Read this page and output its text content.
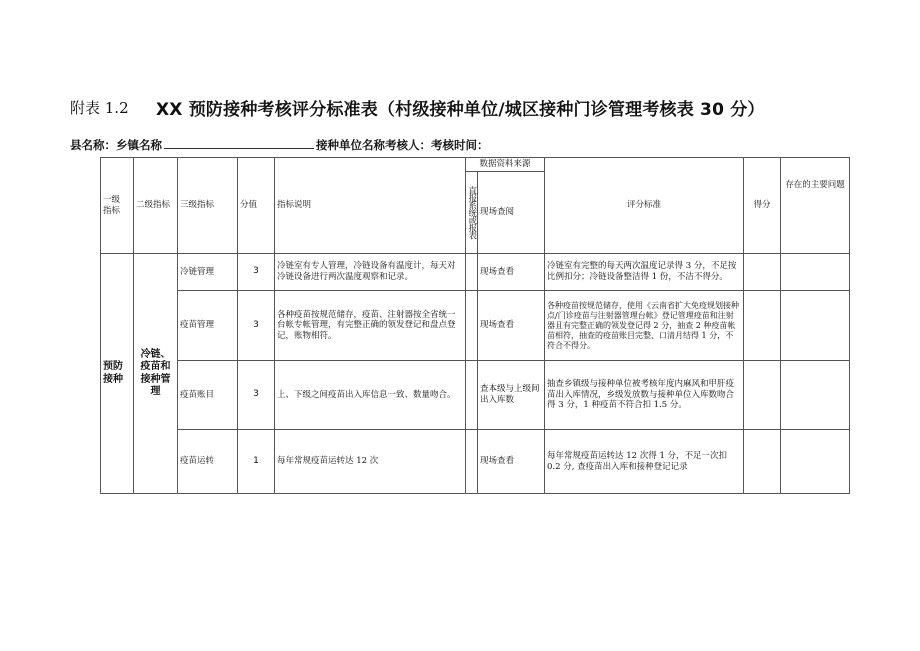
附表 1.2 XX 预防接种考核评分标准表（村级接种单位/城区接种门诊管理考核表 30 分）
县名称：乡镇名称	接种单位名称考核人：考核时间：
一级 指标	二级指标	三级指标	分值	指标说明	数据资料来源		评分标准	得分	存在的主要问题

					直报系统或报表	现场查阅			
预防接种	冷链、疫苗和接种管理	冷链管理	3	冷链室有专人管理，冷链设备有温度计，每天对冷链设备进行两次温度观察和记录。		现场查看	冷链室有完整的每天两次温度记录得 3 分，不足按比例扣分；冷链设备整洁得 1 份，不洁不得分。		
		疫苗管理	3	各种疫苗按规范储存，疫苗、注射器按全省统一台帐专帐管理，有完整正确的领发登记和盘点登记，账物相符。		现场查看	各种疫苗按规范储存，使用《云南省扩大免疫规划接种点/门诊疫苗与注射器管理台帐》登记管理疫苗和注射器且有完整正确的领发登记得 2 分，抽查 2 种疫苗帐苗相符，抽查的疫苗账目完整、口清月结得 1 分，不符合不得分。		
		疫苗账目	3	上、下级之间疫苗出入库信息一致、数量吻合。		查本级与上级间出入库数	抽查乡镇级与接种单位被考核年度内麻风和甲肝疫苗出入库情况，乡级发放数与接种单位入库数吻合得 3 分，1 种疫苗不符合扣 1.5 分。		
		疫苗运转	1	每年常规疫苗运转达 12 次		现场查看	每年常规疫苗运转达 12 次得 1 分，不足一次扣 0.2 分, 查疫苗出入库和接种登记记录		
